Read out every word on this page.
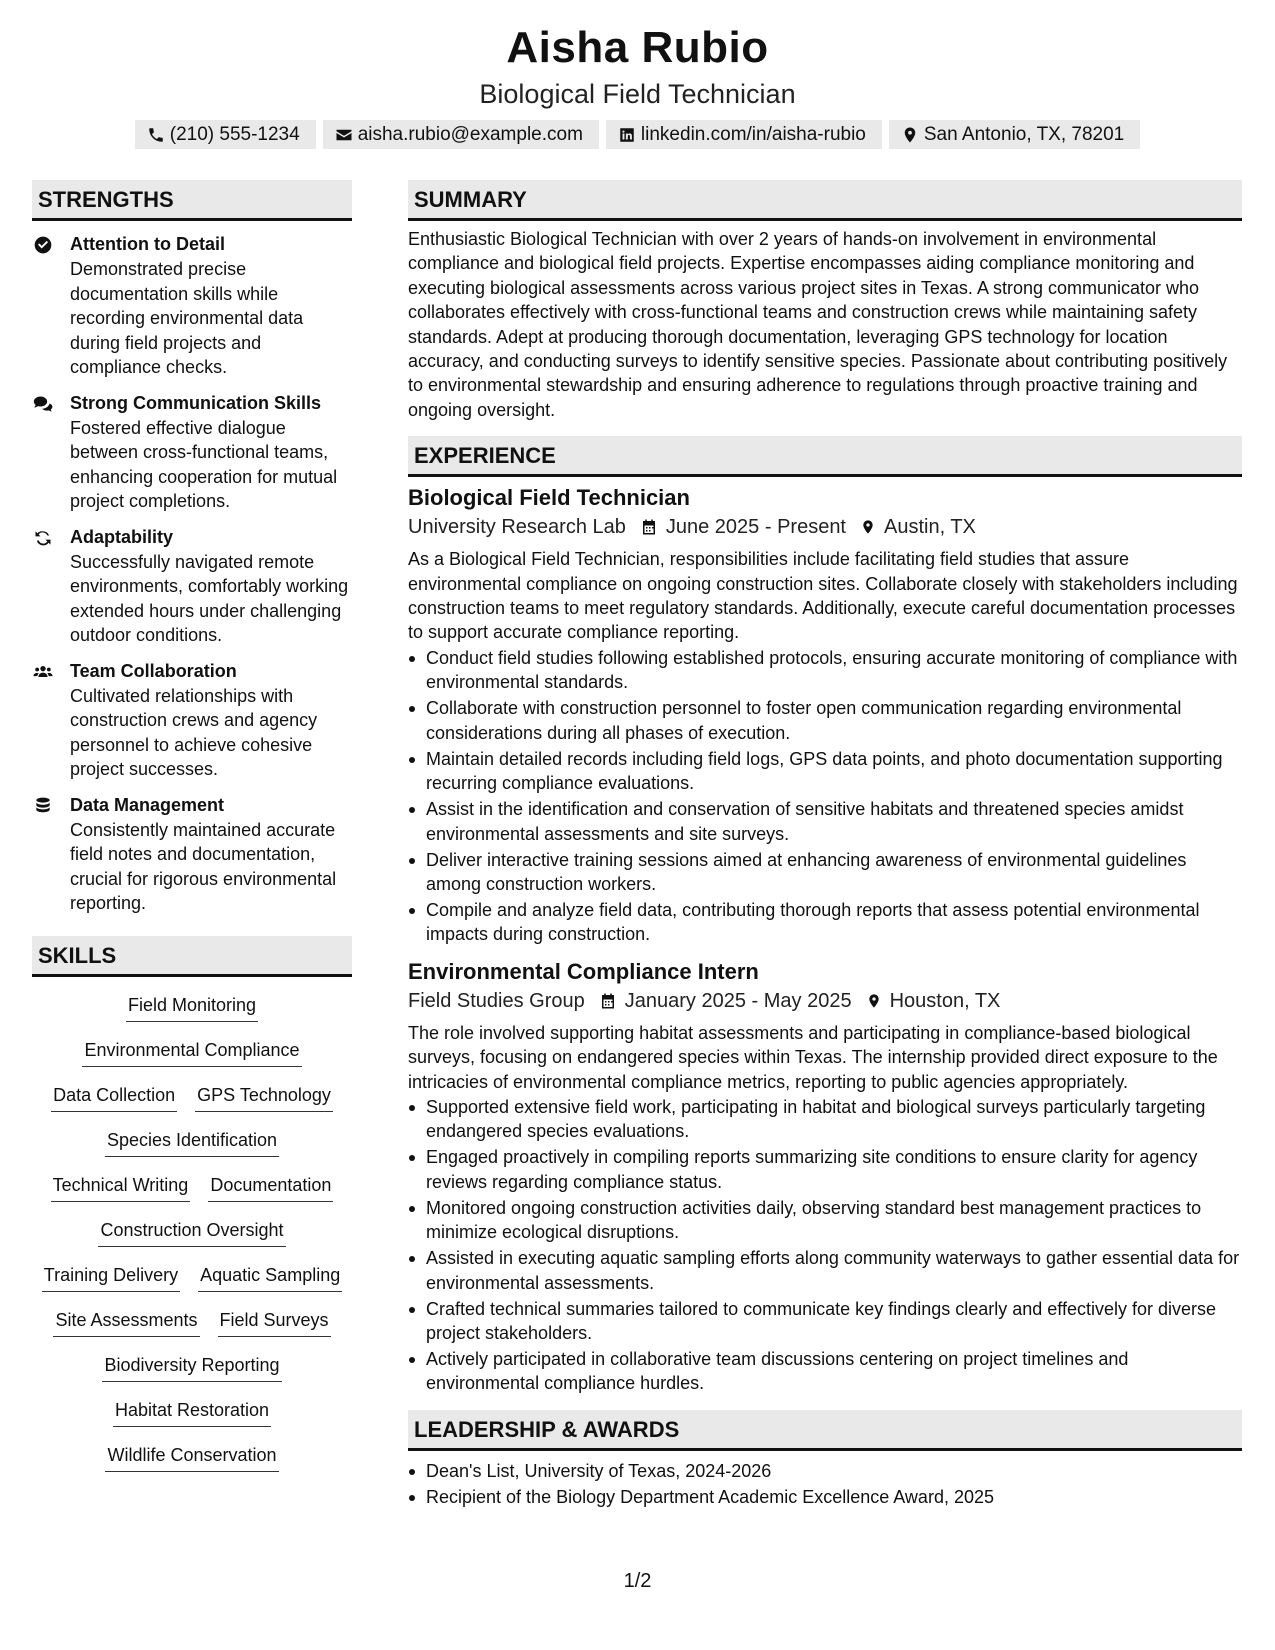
Aisha Rubio
Biological Field Technician
(210) 555-1234	aisha.rubio@example.com	linkedin.com/in/aisha-rubio	San Antonio, TX, 78201
STRENGTHS
Attention to Detail
Demonstrated precise documentation skills while recording environmental data during field projects and compliance checks.
Strong Communication Skills
Fostered effective dialogue between cross-functional teams, enhancing cooperation for mutual project completions.
Adaptability
Successfully navigated remote environments, comfortably working extended hours under challenging outdoor conditions.
Team Collaboration
Cultivated relationships with construction crews and agency personnel to achieve cohesive project successes.
Data Management
Consistently maintained accurate field notes and documentation, crucial for rigorous environmental reporting.
SKILLS
Field Monitoring
Environmental Compliance
Data Collection GPS Technology
Species Identification
Technical Writing Documentation
Construction Oversight
Training Delivery Aquatic Sampling
Site Assessments Field Surveys
Biodiversity Reporting
Habitat Restoration
Wildlife Conservation
SUMMARY
Enthusiastic Biological Technician with over 2 years of hands-on involvement in environmental compliance and biological field projects. Expertise encompasses aiding compliance monitoring and executing biological assessments across various project sites in Texas. A strong communicator who collaborates effectively with cross-functional teams and construction crews while maintaining safety standards. Adept at producing thorough documentation, leveraging GPS technology for location accuracy, and conducting surveys to identify sensitive species. Passionate about contributing positively to environmental stewardship and ensuring adherence to regulations through proactive training and ongoing oversight.
EXPERIENCE
Biological Field Technician
University Research Lab June 2025 - Present Austin, TX
As a Biological Field Technician, responsibilities include facilitating field studies that assure environmental compliance on ongoing construction sites. Collaborate closely with stakeholders including construction teams to meet regulatory standards. Additionally, execute careful documentation processes to support accurate compliance reporting.
Conduct field studies following established protocols, ensuring accurate monitoring of compliance with environmental standards.
Collaborate with construction personnel to foster open communication regarding environmental considerations during all phases of execution.
Maintain detailed records including field logs, GPS data points, and photo documentation supporting recurring compliance evaluations.
Assist in the identification and conservation of sensitive habitats and threatened species amidst environmental assessments and site surveys.
Deliver interactive training sessions aimed at enhancing awareness of environmental guidelines among construction workers.
Compile and analyze field data, contributing thorough reports that assess potential environmental impacts during construction.
Environmental Compliance Intern
Field Studies Group January 2025 - May 2025 Houston, TX
The role involved supporting habitat assessments and participating in compliance-based biological surveys, focusing on endangered species within Texas. The internship provided direct exposure to the intricacies of environmental compliance metrics, reporting to public agencies appropriately.
Supported extensive field work, participating in habitat and biological surveys particularly targeting endangered species evaluations.
Engaged proactively in compiling reports summarizing site conditions to ensure clarity for agency reviews regarding compliance status.
Monitored ongoing construction activities daily, observing standard best management practices to minimize ecological disruptions.
Assisted in executing aquatic sampling efforts along community waterways to gather essential data for environmental assessments.
Crafted technical summaries tailored to communicate key findings clearly and effectively for diverse project stakeholders.
Actively participated in collaborative team discussions centering on project timelines and environmental compliance hurdles.
LEADERSHIP & AWARDS
Dean's List, University of Texas, 2024-2026
Recipient of the Biology Department Academic Excellence Award, 2025
1/2
